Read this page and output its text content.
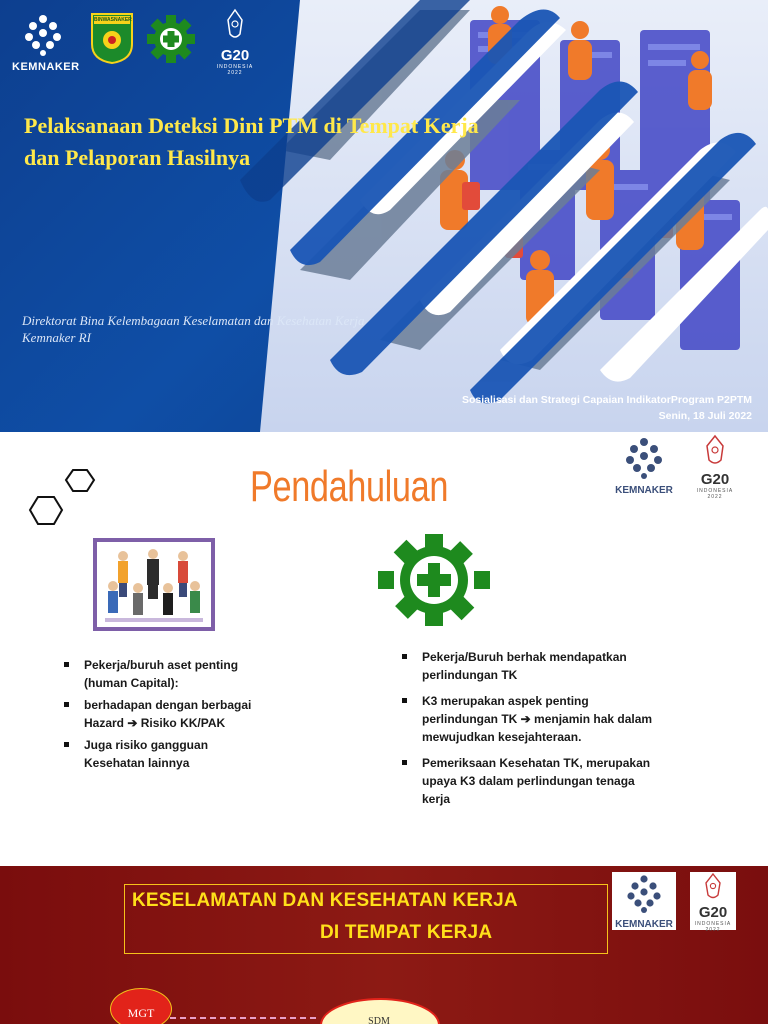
KEMNAKER
BINWASNAKER
G20
INDONESIA
2022
Pelaksanaan Deteksi Dini PTM di Tempat Kerja
dan Pelaporan Hasilnya
Direktorat Bina Kelembagaan Keselamatan dan Kesehatan Kerja
Kemnaker RI
Sosialisasi dan Strategi Capaian IndikatorProgram P2PTM
Senin, 18 Juli 2022
Pendahuluan	KEMNAKER
G20
INDONESIA
2022
Pekerja/buruh aset penting (human Capital):
berhadapan dengan berbagai Hazard ➔ Risiko KK/PAK
Juga risiko gangguan Kesehatan lainnya
Pekerja/Buruh berhak mendapatkan perlindungan TK
K3 merupakan aspek penting perlindungan TK ➔ menjamin hak dalam mewujudkan kesejahteraan.
Pemeriksaan Kesehatan TK, merupakan upaya K3 dalam perlindungan tenaga kerja
KESELAMATAN DAN KESEHATAN KERJA
DI TEMPAT KERJA	KEMNAKER
G20
INDONESIA
2022
MGT
SDM
